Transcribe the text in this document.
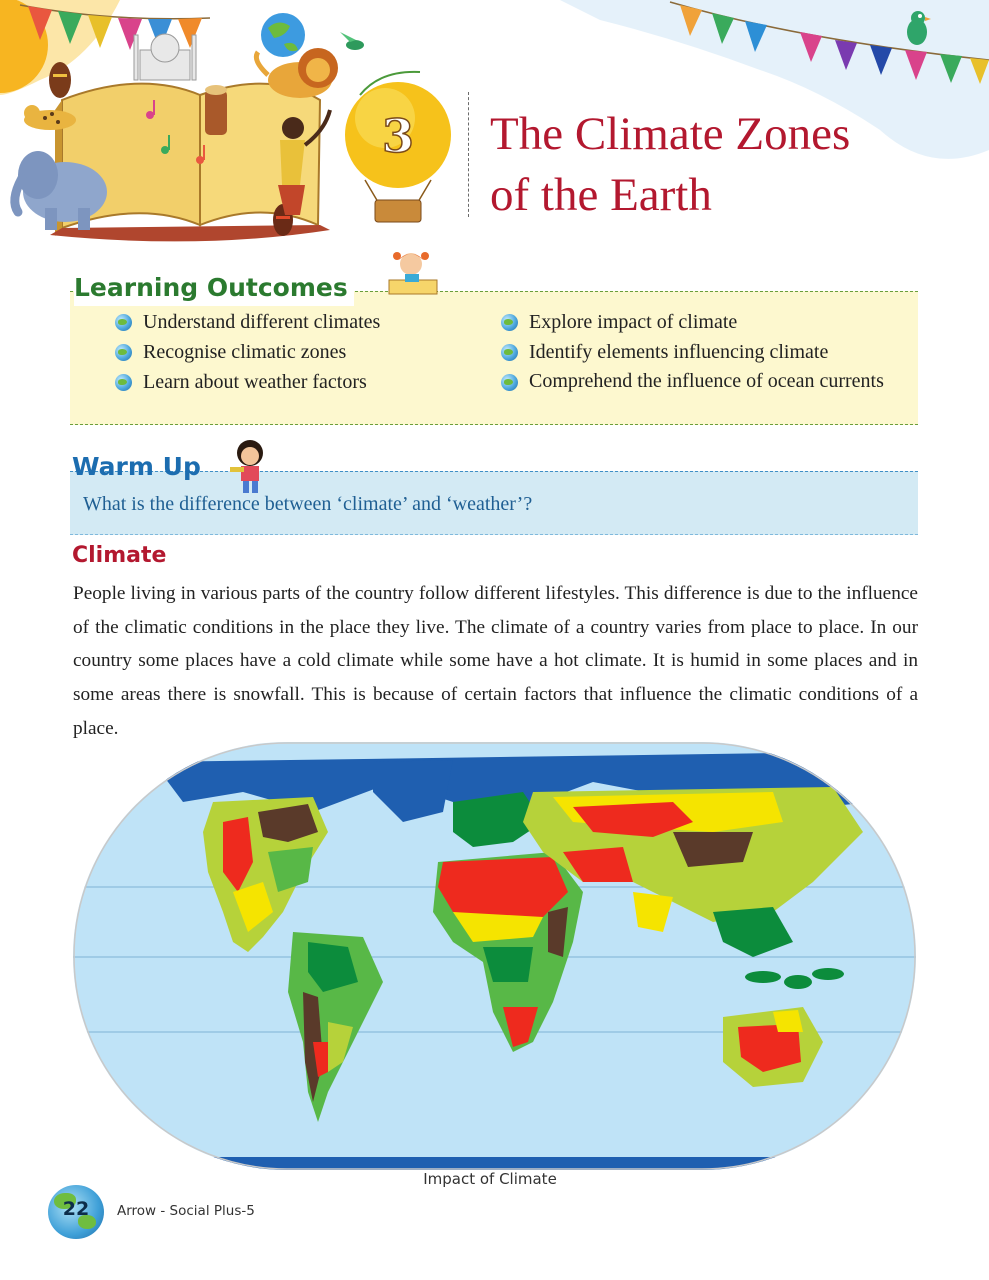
3 The Climate Zones
of the Earth
Learning Outcomes
Understand different climates
Recognise climatic zones
Learn about weather factors
Explore impact of climate
Identify elements influencing climate
Comprehend the influence of ocean currents
Warm Up
What is the difference between ‘climate’ and ‘weather’?
Climate

People living in various parts of the country follow different lifestyles. This difference is due to the influence of the climatic conditions in the place they live. The climate of a country varies from place to place. In our country some places have a cold climate while some have a hot climate. It is humid in some places and in some areas there is snowfall. This is because of certain factors that influence the climatic conditions of a place.

Impact of Climate
22	Arrow - Social Plus-5
